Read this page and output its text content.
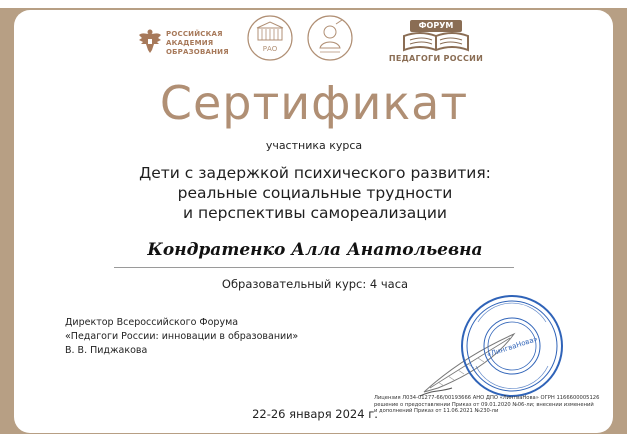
РОССИЙСКАЯ
АКАДЕМИЯ
ОБРАЗОВАНИЯ	РАО
ФОРУМ
ПЕДАГОГИ РОССИИ
Сертификат
участника курса
Дети с задержкой психического развития:
реальные социальные трудности
и перспективы самореализации
Кондратенко Алла Анатольевна
Образовательный курс: 4 часа
Директор Всероссийского Форума
«Педагоги России: инновации в образовании»
В. В. Пиджакова	«ЛингваНова»
Лицензия Л034-01277-66/00193666 АНО ДПО «ЛингваНова» ОГРН 1166600005126
решение о предоставлении Приказ от 09.01.2020 №06-ли; внесении изменений
и дополнений Приказ от 11.06.2021 №230-ли
22-26 января 2024 г.
